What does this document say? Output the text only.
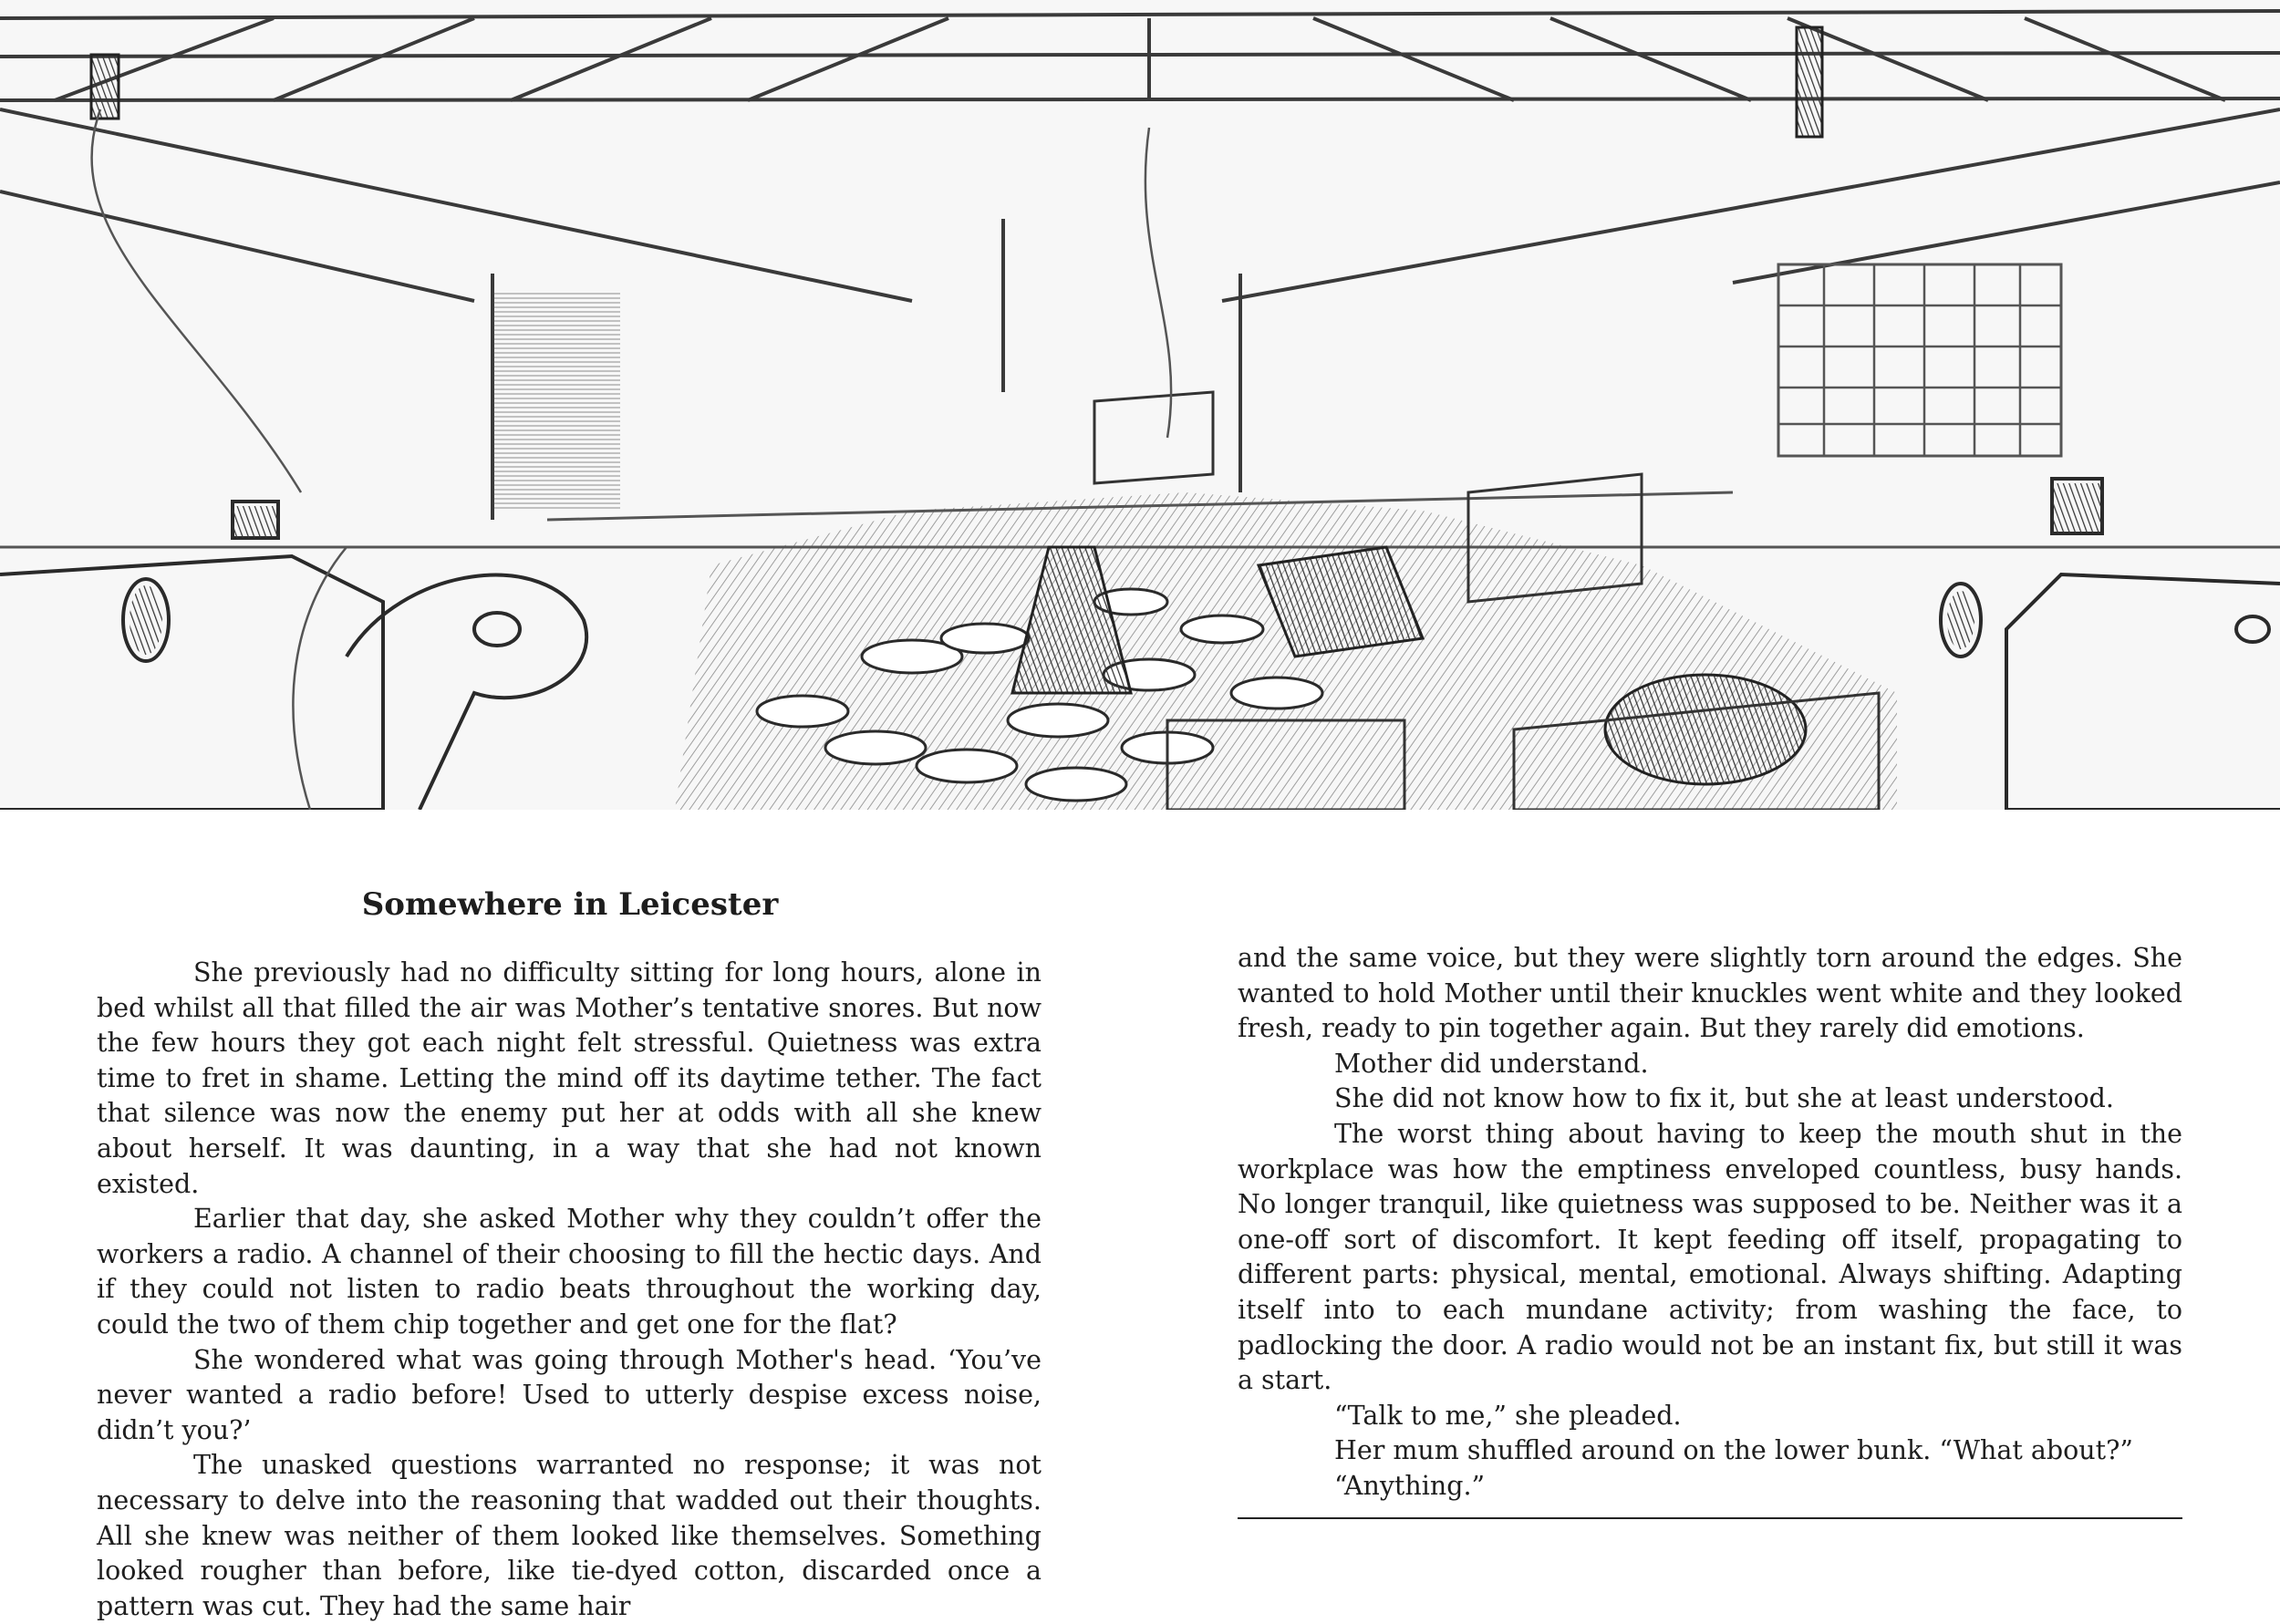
Somewhere in Leicester

She previously had no difficulty sitting for long hours, alone in bed whilst all that filled the air was Mother’s tentative snores. But now the few hours they got each night felt stressful. Quietness was extra time to fret in shame. Letting the mind off its daytime tether. The fact that silence was now the enemy put her at odds with all she knew about herself. It was daunting, in a way that she had not known existed.

Earlier that day, she asked Mother why they couldn’t offer the workers a radio. A channel of their choosing to fill the hectic days. And if they could not listen to radio beats throughout the working day, could the two of them chip together and get one for the flat?

She wondered what was going through Mother's head. ‘You’ve never wanted a radio before! Used to utterly despise excess noise, didn’t you?’

The unasked questions warranted no response; it was not necessary to delve into the reasoning that wadded out their thoughts. All she knew was neither of them looked like themselves. Something looked rougher than before, like tie-dyed cotton, discarded once a pattern was cut. They had the same hair

and the same voice, but they were slightly torn around the edges. She wanted to hold Mother until their knuckles went white and they looked fresh, ready to pin together again. But they rarely did emotions.

Mother did understand.

She did not know how to fix it, but she at least understood.

The worst thing about having to keep the mouth shut in the workplace was how the emptiness enveloped countless, busy hands. No longer tranquil, like quietness was supposed to be. Neither was it a one-off sort of discomfort. It kept feeding off itself, propagating to different parts: physical, mental, emotional. Always shifting. Adapting itself into to each mundane activity; from washing the face, to padlocking the door. A radio would not be an instant fix, but still it was a start.

“Talk to me,” she pleaded.

Her mum shuffled around on the lower bunk. “What about?”

“Anything.”
